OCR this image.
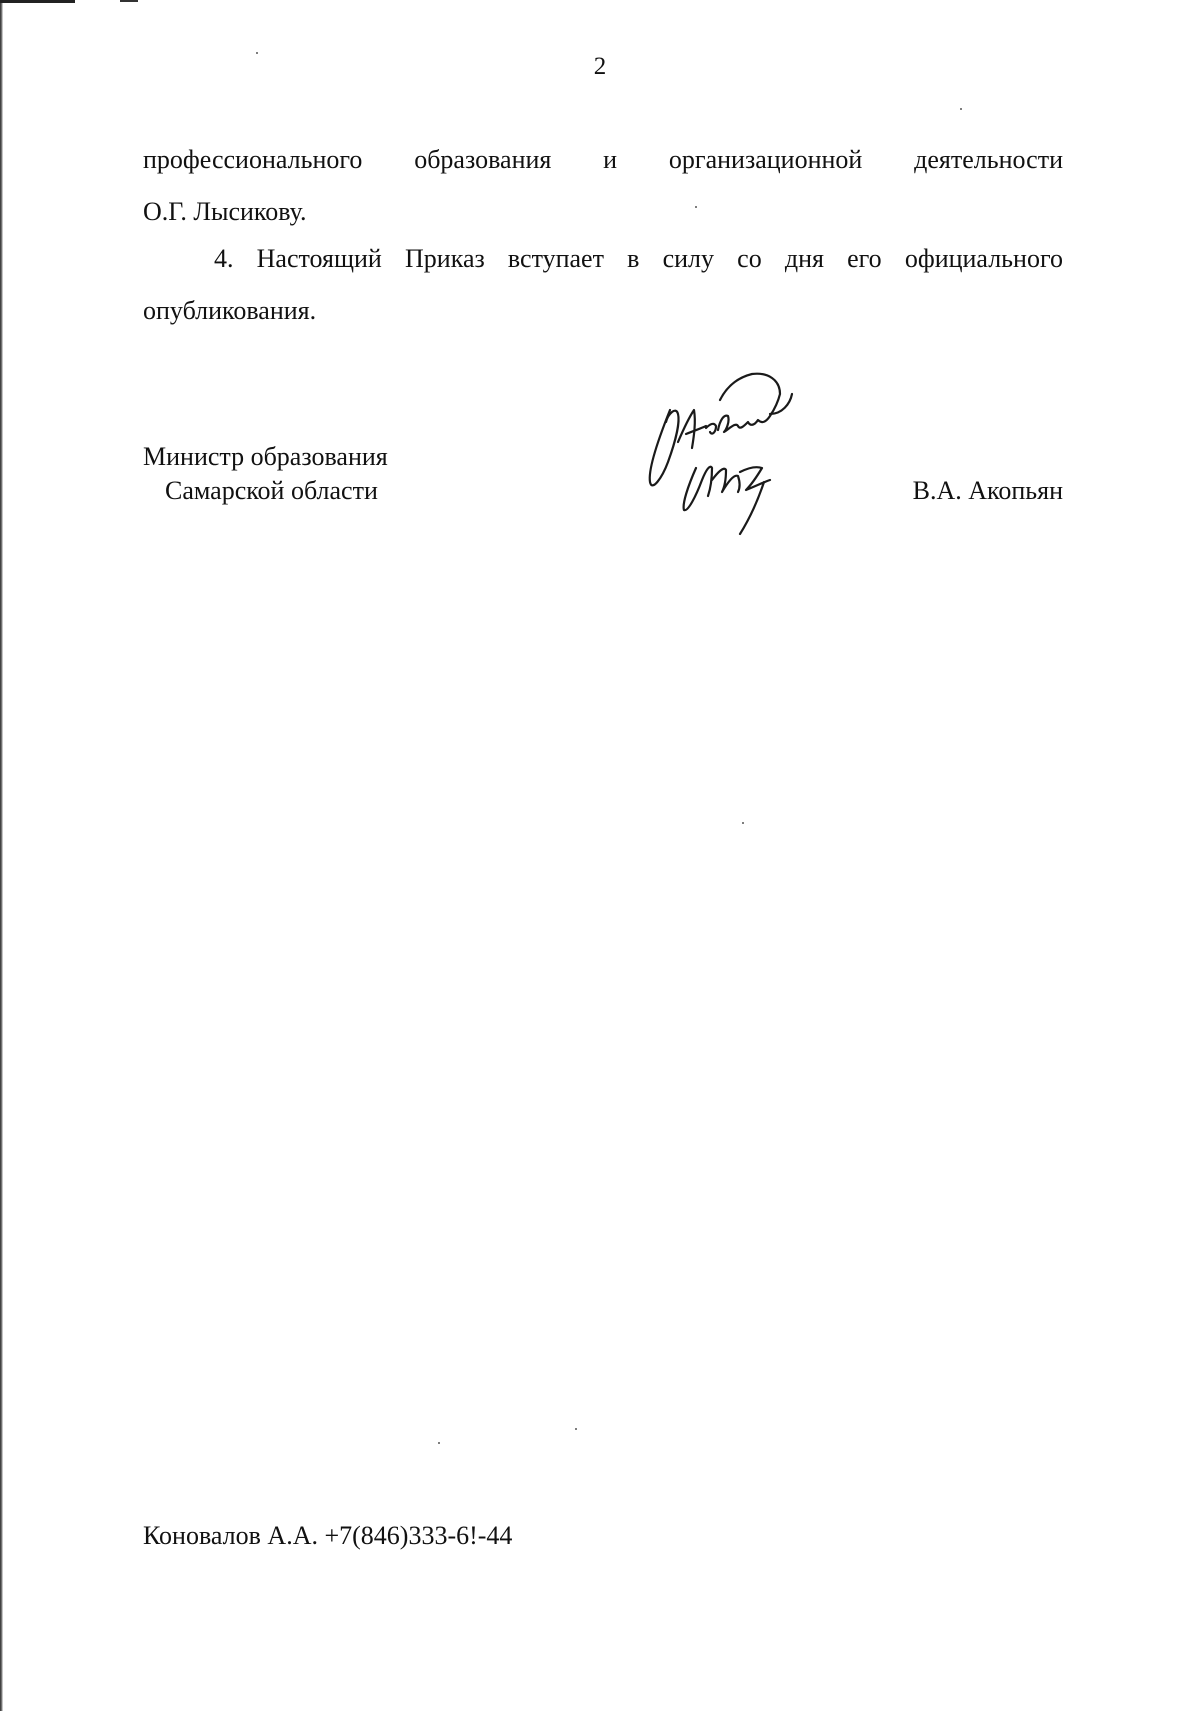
2
профессионального образования и организационной деятельности
О.Г. Лысикову.
4. Настоящий Приказ вступает в силу со дня его официального
опубликования.
Министр образования
Самарской области	В.А. Акопьян
Коновалов А.А. +7(846)333-6!-44
